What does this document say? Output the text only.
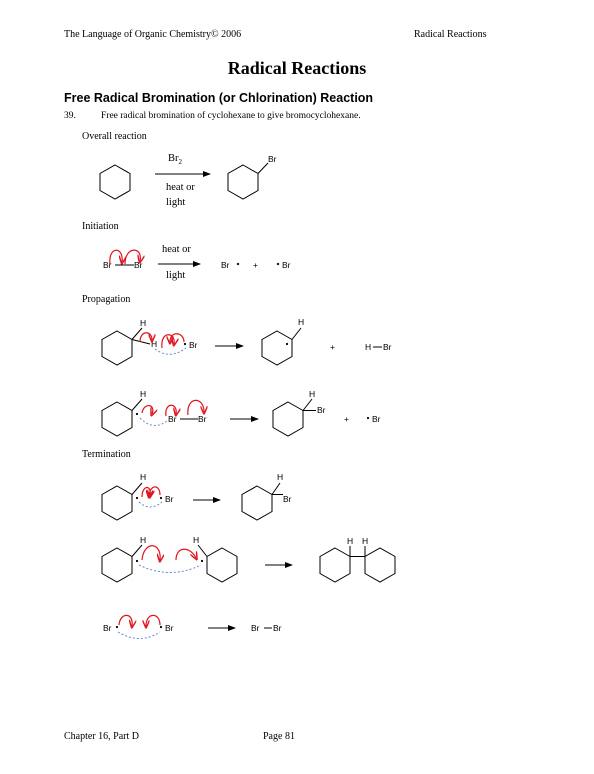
The Language of Organic Chemistry© 2006	Radical Reactions
Radical Reactions
Free Radical Bromination (or Chlorination) Reaction
39.	Free radical bromination of cyclohexane to give bromocyclohexane.
Overall reaction
Initiation
Propagation
Termination
$Br_2$
heat or
light
heat or
light
Br
Br	Br	Br	+	Br
H
H	Br
H
+	H Br
H
Br	Br
H
Br
+	Br
H
Br
H
Br
H	H	H H
Br	Br	Br Br
Chapter 16, Part D	Page 81
